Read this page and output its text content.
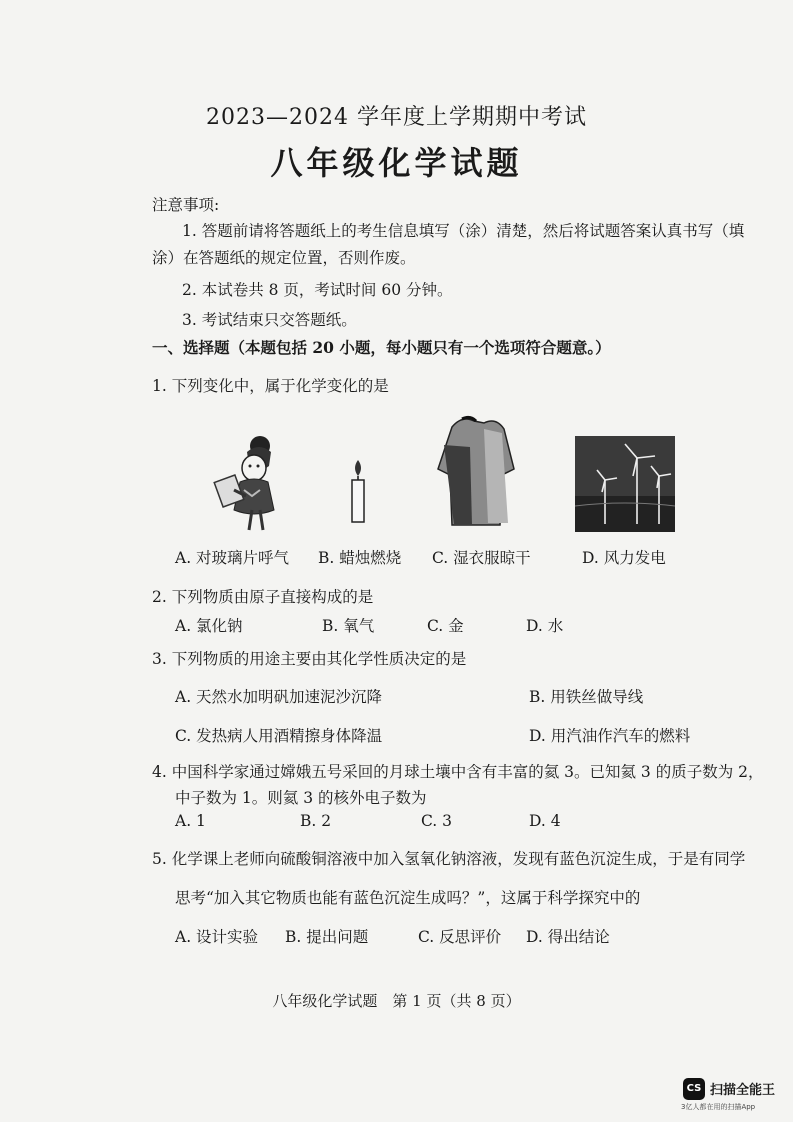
2023—2024 学年度上学期期中考试
八年级化学试题
注意事项:
1. 答题前请将答题纸上的考生信息填写（涂）清楚，然后将试题答案认真书写（填
涂）在答题纸的规定位置，否则作废。
2. 本试卷共 8 页，考试时间 60 分钟。
3. 考试结束只交答题纸。
一、选择题（本题包括 20 小题，每小题只有一个选项符合题意。）
1. 下列变化中，属于化学变化的是
A. 对玻璃片呼气 B. 蜡烛燃烧 C. 湿衣服晾干	D. 风力发电
2. 下列物质由原子直接构成的是
A. 氯化钠	B. 氧气	C. 金	D. 水
3. 下列物质的用途主要由其化学性质决定的是
A. 天然水加明矾加速泥沙沉降	B. 用铁丝做导线
C. 发热病人用酒精擦身体降温	D. 用汽油作汽车的燃料
4. 中国科学家通过嫦娥五号采回的月球土壤中含有丰富的氦 3。已知氦 3 的质子数为 2，
中子数为 1。则氦 3 的核外电子数为
A. 1	B. 2	C. 3	D. 4
5. 化学课上老师向硫酸铜溶液中加入氢氧化钠溶液，发现有蓝色沉淀生成，于是有同学
思考“加入其它物质也能有蓝色沉淀生成吗？”，这属于科学探究中的
A. 设计实验 B. 提出问题	C. 反思评价 D. 得出结论
八年级化学试题　第 1 页（共 8 页）
CS 扫描全能王
3亿人都在用的扫描App
